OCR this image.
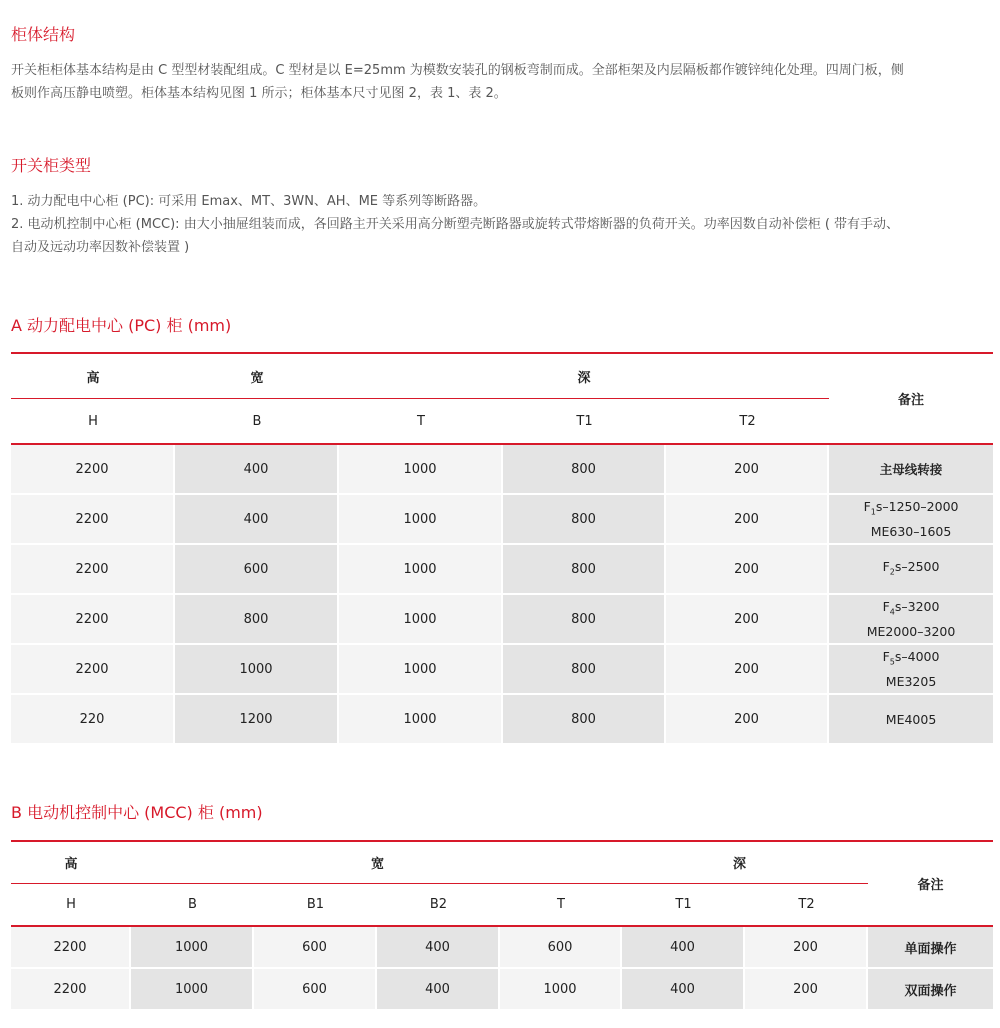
柜体结构
开关柜柜体基本结构是由 C 型型材装配组成。C 型材是以 E=25mm 为模数安装孔的钢板弯制而成。全部柜架及内层隔板都作镀锌纯化处理。四周门板，侧
板则作高压静电喷塑。柜体基本结构见图 1 所示；柜体基本尺寸见图 2，表 1、表 2。
开关柜类型
1. 动力配电中心柜 (PC): 可采用 Emax、MT、3WN、AH、ME 等系列等断路器。
2. 电动机控制中心柜 (MCC): 由大小抽屉组装而成，各回路主开关采用高分断塑壳断路器或旋转式带熔断器的负荷开关。功率因数自动补偿柜 ( 带有手动、
自动及远动功率因数补偿装置 )
A 动力配电中心 (PC) 柜 (mm)
高	宽	深			备注
H	B	T	T1	T2	
2200	400	1000	800	200	主母线转接
2200	400	1000	800	200	$F_1s-1250-2000$
ME630–1605

2200	600	1000	800	200	$F_2s-2500$

2200	800	1000	800	200	$F_4s-3200$
ME2000–3200

2200	1000	1000	800	200	$F_5s-4000$
ME3205

220	1200	1000	800	200	ME4005
B 电动机控制中心 (MCC) 柜 (mm)
高	宽				深		备注
H	B	B1	B2	T	T1	T2	
2200	1000	600	400	600	400	200	单面操作
2200	1000	600	400	1000	400	200	双面操作
